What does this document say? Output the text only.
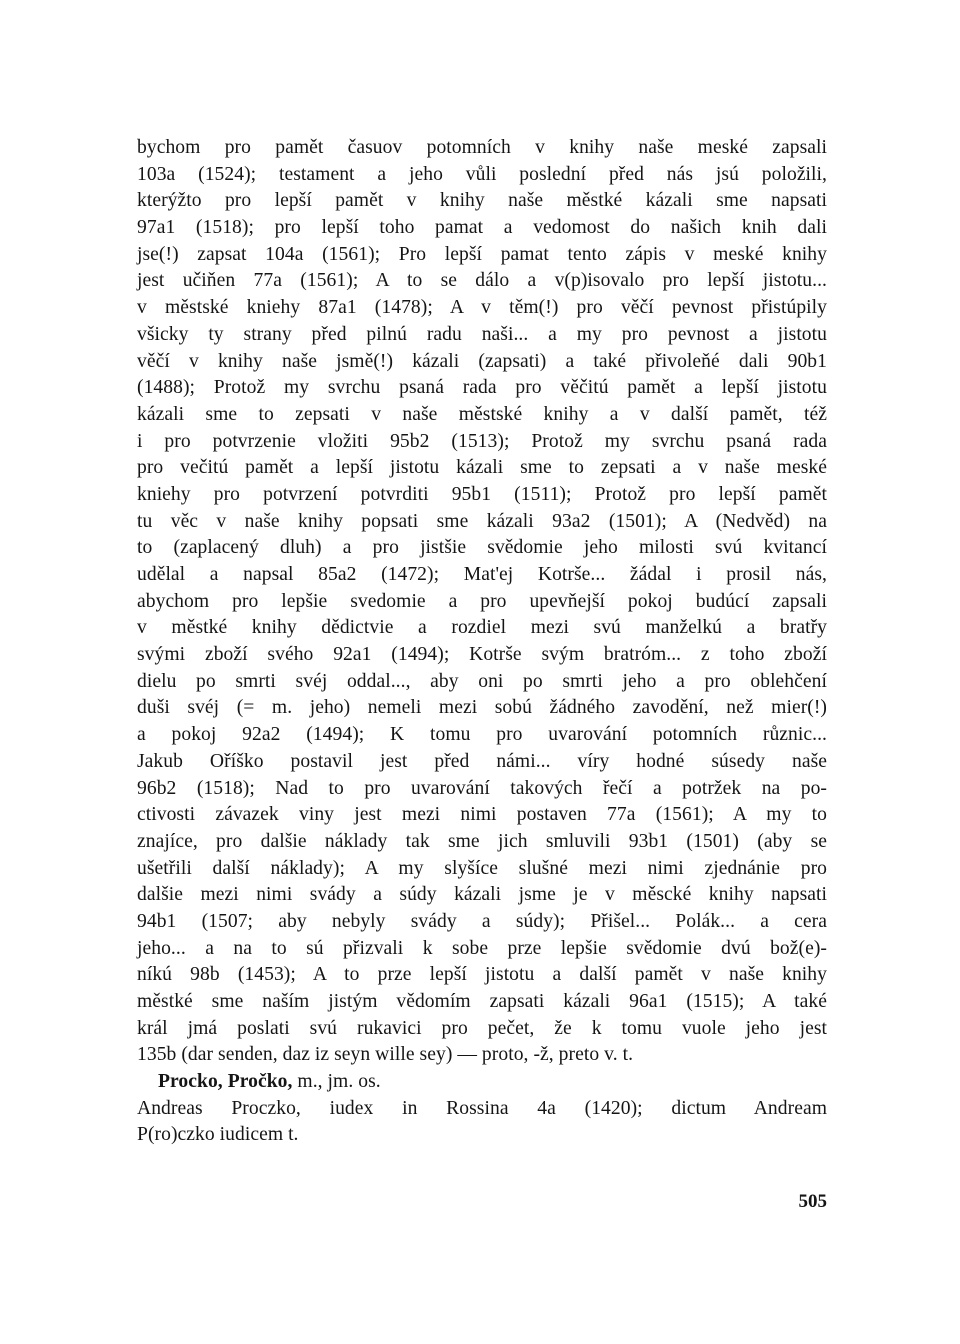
bychom pro pamět časuov potomních v knihy naše meské zapsali
103a (1524); testament a jeho vůli poslední před nás jsú položili,
kterýžto pro lepší pamět v knihy naše městké kázali sme napsati
97a1 (1518); pro lepší toho pamat a vedomost do našich knih dali
jse(!) zapsat 104a (1561); Pro lepší pamat tento zápis v meské knihy
jest učiňen 77a (1561); A to se dálo a v(p)isovalo pro lepší jistotu...
v městské kniehy 87a1 (1478); A v těm(!) pro věčí pevnost přistúpily
všicky ty strany před pilnú radu naši... a my pro pevnost a jistotu
věčí v knihy naše jsmě(!) kázali (zapsati) a také přivoleňé dali 90b1
(1488); Protož my svrchu psaná rada pro věčitú pamět a lepší jistotu
kázali sme to zepsati v naše městské knihy a v další pamět, též
i pro potvrzenie vložiti 95b2 (1513); Protož my svrchu psaná rada
pro večitú pamět a lepší jistotu kázali sme to zepsati a v naše meské
kniehy pro potvrzení potvrditi 95b1 (1511); Protož pro lepší pamět
tu věc v naše knihy popsati sme kázali 93a2 (1501); A (Nedvěd) na
to (zaplacený dluh) a pro jistšie svědomie jeho milosti svú kvitancí
udělal a napsal 85a2 (1472); Mat'ej Kotrše... žádal i prosil nás,
abychom pro lepšie svedomie a pro upevňejší pokoj budúcí zapsali
v městké knihy dědictvie a rozdiel mezi svú manželkú a bratřy
svými zboží svého 92a1 (1494); Kotrše svým bratróm... z toho zboží
dielu po smrti svéj oddal..., aby oni po smrti jeho a pro oblehčení
duši svéj (= m. jeho) nemeli mezi sobú žádného zavodění, než mier(!)
a pokoj 92a2 (1494); K tomu pro uvarování potomních různic...
Jakub Oříško postavil jest před námi... víry hodné súsedy naše
96b2 (1518); Nad to pro uvarování takových řečí a potržek na po-
ctivosti závazek viny jest mezi nimi postaven 77a (1561); A my to
znajíce, pro dalšie náklady tak sme jich smluvili 93b1 (1501) (aby se
ušetřili další náklady); A my slyšíce slušné mezi nimi zjednánie pro
dalšie mezi nimi svády a súdy kázali jsme je v měscké knihy napsati
94b1 (1507; aby nebyly svády a súdy); Přišel... Polák... a cera
jeho... a na to sú přizvali k sobe prze lepšie svědomie dvú bož(e)-
níkú 98b (1453); A to prze lepší jistotu a další pamět v naše knihy
městké sme naším jistým vědomím zapsati kázali 96a1 (1515); A také
král jmá poslati svú rukavici pro pečet, že k tomu vuole jeho jest
135b (dar senden, daz iz seyn wille sey) — proto, -ž, preto v. t.
Procko, Pročko, m., jm. os.
Andreas Proczko, iudex in Rossina 4a (1420); dictum Andream
P(ro)czko iudicem t.
505
